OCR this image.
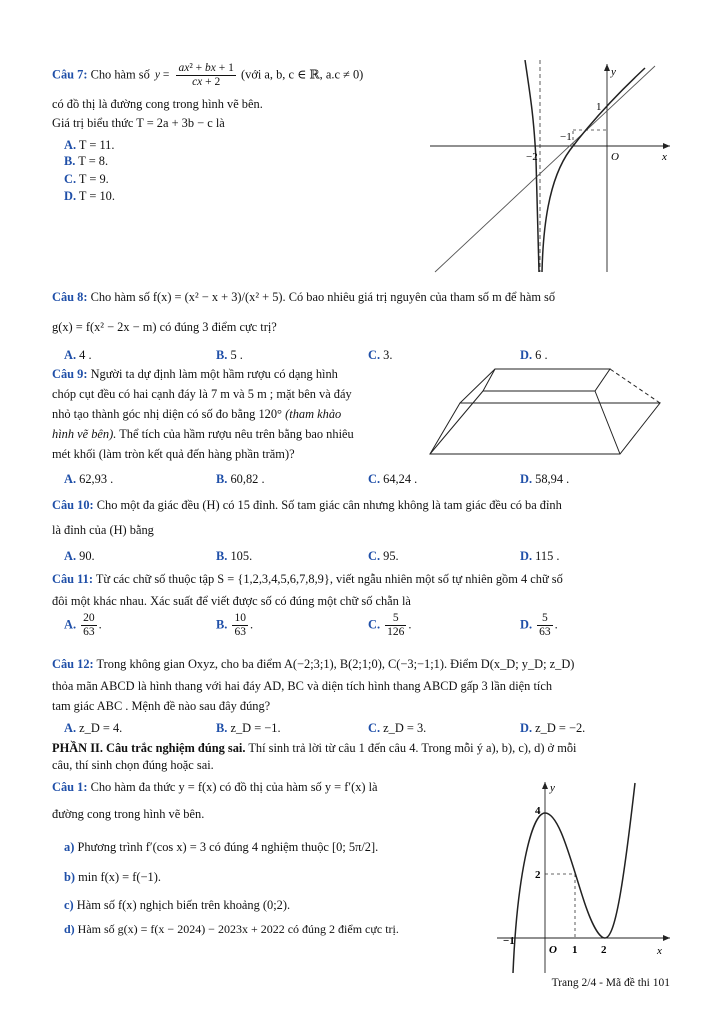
Câu 7: Cho hàm số $y = \frac{\text{ax² + bx + 1}}{cx + 2}$ (với a, b, c ∈ ℝ, a.c ≠ 0)
có đồ thị là đường cong trong hình vẽ bên.
Giá trị biểu thức T = 2a + 3b − c là
A. T = 11.
B. T = 8.
C. T = 9.
D. T = 10.
y
x
O
−2
−1
1
Câu 8: Cho hàm số f(x) = (x² − x + 3)/(x² + 5). Có bao nhiêu giá trị nguyên của tham số m để hàm số
g(x) = f(x² − 2x − m) có đúng 3 điểm cực trị?
A. 4 .	B. 5 .	C. 3.	D. 6 .
Câu 9: Người ta dự định làm một hầm rượu có dạng hình
chóp cụt đều có hai cạnh đáy là 7 m và 5 m ; mặt bên và đáy
nhỏ tạo thành góc nhị diện có số đo bằng 120° (tham khảo
hình vẽ bên). Thể tích của hầm rượu nêu trên bằng bao nhiêu
mét khối (làm tròn kết quả đến hàng phần trăm)?
A. 62,93 .	B. 60,82 .	C. 64,24 .	D. 58,94 .
Câu 10: Cho một đa giác đều (H) có 15 đỉnh. Số tam giác cân nhưng không là tam giác đều có ba đỉnh
là đỉnh của (H) bằng
A. 90.	B. 105.	C. 95.	D. 115 .
Câu 11: Từ các chữ số thuộc tập S = {1,2,3,4,5,6,7,8,9}, viết ngẫu nhiên một số tự nhiên gồm 4 chữ số
đôi một khác nhau. Xác suất để viết được số có đúng một chữ số chẵn là
A. $\frac{20}{63}$ .	B. $\frac{10}{63}$ .	C. $\frac{5}{126}$ .	D. $\frac{5}{63}$ .
Câu 12: Trong không gian Oxyz, cho ba điểm A(−2;3;1), B(2;1;0), C(−3;−1;1). Điểm D(x_D; y_D; z_D)
thỏa mãn ABCD là hình thang với hai đáy AD, BC và diện tích hình thang ABCD gấp 3 lần diện tích
tam giác ABC . Mệnh đề nào sau đây đúng?
A. z_D = 4.	B. z_D = −1.	C. z_D = 3.	D. z_D = −2.
PHẦN II. Câu trắc nghiệm đúng sai. Thí sinh trả lời từ câu 1 đến câu 4. Trong mỗi ý a), b), c), d) ở mỗi
câu, thí sinh chọn đúng hoặc sai.
Câu 1: Cho hàm đa thức y = f(x) có đồ thị của hàm số y = f′(x) là
đường cong trong hình vẽ bên.
a) Phương trình f′(cos x) = 3 có đúng 4 nghiệm thuộc [0; 5π/2].
b) min f(x) = f(−1).
c) Hàm số f(x) nghịch biến trên khoảng (0;2).
d) Hàm số g(x) = f(x − 2024) − 2023x + 2022 có đúng 2 điểm cực trị.
y
x
4
2
−1
O 1 2
Trang 2/4 - Mã đề thi 101
